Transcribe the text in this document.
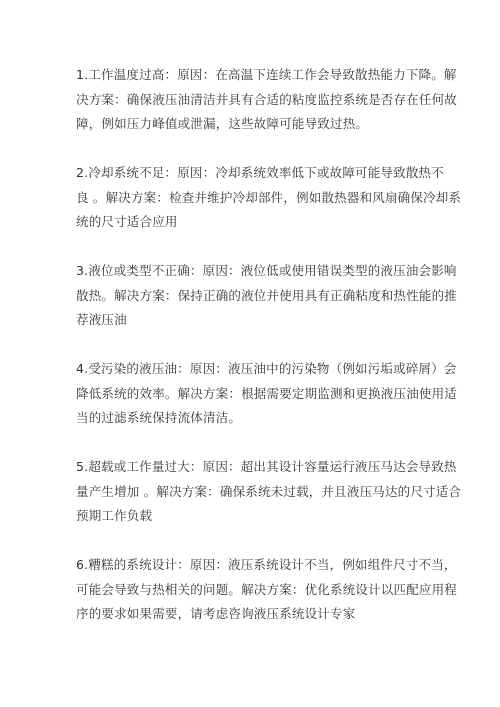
1.工作温度过高：原因：在高温下连续工作会导致散热能力下降。解
决方案：确保液压油清洁并具有合适的粘度监控系统是否存在任何故
障，例如压力峰值或泄漏，这些故障可能导致过热。
2.冷却系统不足：原因：冷却系统效率低下或故障可能导致散热不
良 。解决方案：检查并维护冷却部件，例如散热器和风扇确保冷却系
统的尺寸适合应用
3.液位或类型不正确：原因：液位低或使用错误类型的液压油会影响
散热。解决方案：保持正确的液位并使用具有正确粘度和热性能的推
荐液压油
4.受污染的液压油：原因：液压油中的污染物（例如污垢或碎屑）会
降低系统的效率。解决方案：根据需要定期监测和更换液压油使用适
当的过滤系统保持流体清洁。
5.超载或工作量过大：原因：超出其设计容量运行液压马达会导致热
量产生增加 。解决方案：确保系统未过载，并且液压马达的尺寸适合
预期工作负载
6.糟糕的系统设计：原因：液压系统设计不当，例如组件尺寸不当，
可能会导致与热相关的问题。解决方案：优化系统设计以匹配应用程
序的要求如果需要，请考虑咨询液压系统设计专家
